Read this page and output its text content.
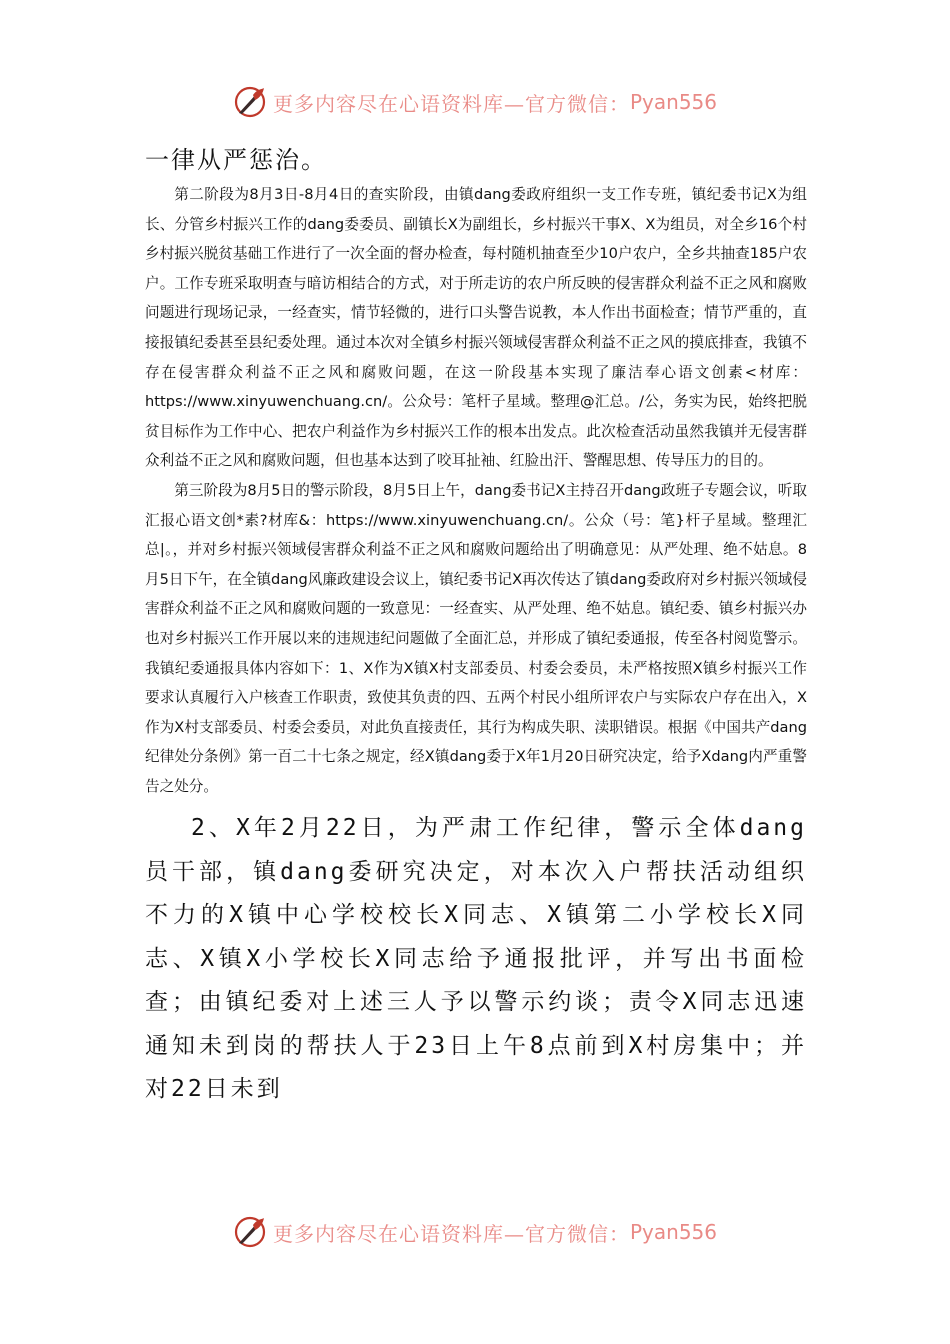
更多内容尽在心语资料库—官方微信： Pyan556

一律从严惩治。

第二阶段为8月3日-8月4日的查实阶段，由镇dang委政府组织一支工作专班，镇纪委书记X为组长、分管乡村振兴工作的dang委委员、副镇长X为副组长，乡村振兴干事X、X为组员，对全乡16个村乡村振兴脱贫基础工作进行了一次全面的督办检查，每村随机抽查至少10户农户，全乡共抽查185户农户。工作专班采取明查与暗访相结合的方式，对于所走访的农户所反映的侵害群众利益不正之风和腐败问题进行现场记录，一经查实，情节轻微的，进行口头警告说教，本人作出书面检查；情节严重的，直接报镇纪委甚至县纪委处理。通过本次对全镇乡村振兴领域侵害群众利益不正之风的摸底排查，我镇不存在侵害群众利益不正之风和腐败问题，在这一阶段基本实现了廉洁奉心语文创素<材库：https://www.xinyuwenchuang.cn/。公众号：笔杆子星域。整理@汇总。/公，务实为民，始终把脱贫目标作为工作中心、把农户利益作为乡村振兴工作的根本出发点。此次检查活动虽然我镇并无侵害群众利益不正之风和腐败问题，但也基本达到了咬耳扯袖、红脸出汗、警醒思想、传导压力的目的。

第三阶段为8月5日的警示阶段，8月5日上午，dang委书记X主持召开dang政班子专题会议，听取汇报心语文创*素?材库&：https://www.xinyuwenchuang.cn/。公众（号：笔}杆子星域。整理汇总|。，并对乡村振兴领域侵害群众利益不正之风和腐败问题给出了明确意见：从严处理、绝不姑息。8月5日下午，在全镇dang风廉政建设会议上，镇纪委书记X再次传达了镇dang委政府对乡村振兴领域侵害群众利益不正之风和腐败问题的一致意见：一经查实、从严处理、绝不姑息。镇纪委、镇乡村振兴办也对乡村振兴工作开展以来的违规违纪问题做了全面汇总，并形成了镇纪委通报，传至各村阅览警示。我镇纪委通报具体内容如下：1、X作为X镇X村支部委员、村委会委员，未严格按照X镇乡村振兴工作要求认真履行入户核查工作职责，致使其负责的四、五两个村民小组所评农户与实际农户存在出入，X作为X村支部委员、村委会委员，对此负直接责任，其行为构成失职、渎职错误。根据《中国共产dang纪律处分条例》第一百二十七条之规定，经X镇dang委于X年1月20日研究决定，给予Xdang内严重警告之处分。

2、X年2月22日，为严肃工作纪律，警示全体dang员干部，镇dang委研究决定，对本次入户帮扶活动组织不力的X镇中心学校校长X同志、X镇第二小学校长X同志、X镇X小学校长X同志给予通报批评，并写出书面检查；由镇纪委对上述三人予以警示约谈；责令X同志迅速通知未到岗的帮扶人于23日上午8点前到X村房集中；并对22日未到

更多内容尽在心语资料库—官方微信： Pyan556
